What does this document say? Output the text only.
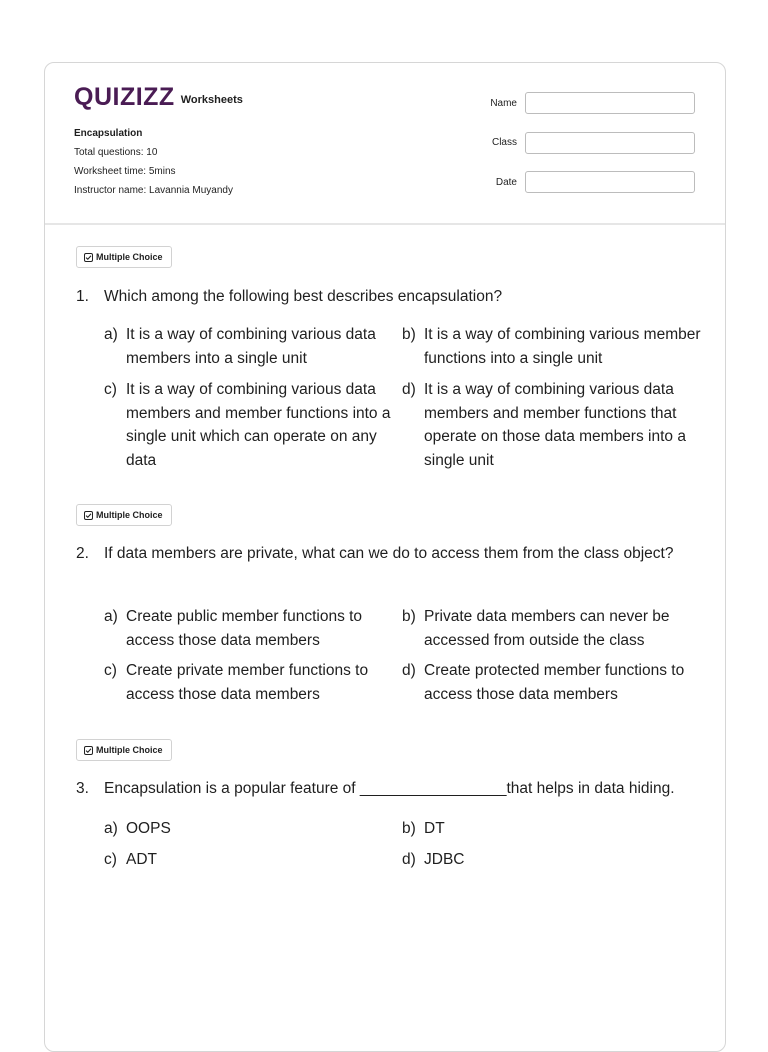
QUIZIZZ Worksheets
Encapsulation
Total questions: 10
Worksheet time: 5mins
Instructor name: Lavannia Muyandy
Name
Class
Date
Multiple Choice
1. Which among the following best describes encapsulation?
a) It is a way of combining various data members into a single unit
b) It is a way of combining various member functions into a single unit
c) It is a way of combining various data members and member functions into a single unit which can operate on any data
d) It is a way of combining various data members and member functions that operate on those data members into a single unit
Multiple Choice
2. If data members are private, what can we do to access them from the class object?
a) Create public member functions to access those data members
b) Private data members can never be accessed from outside the class
c) Create private member functions to access those data members
d) Create protected member functions to access those data members
Multiple Choice
3. Encapsulation is a popular feature of _________________that helps in data hiding.
a) OOPS	b) DT
c) ADT	d) JDBC
